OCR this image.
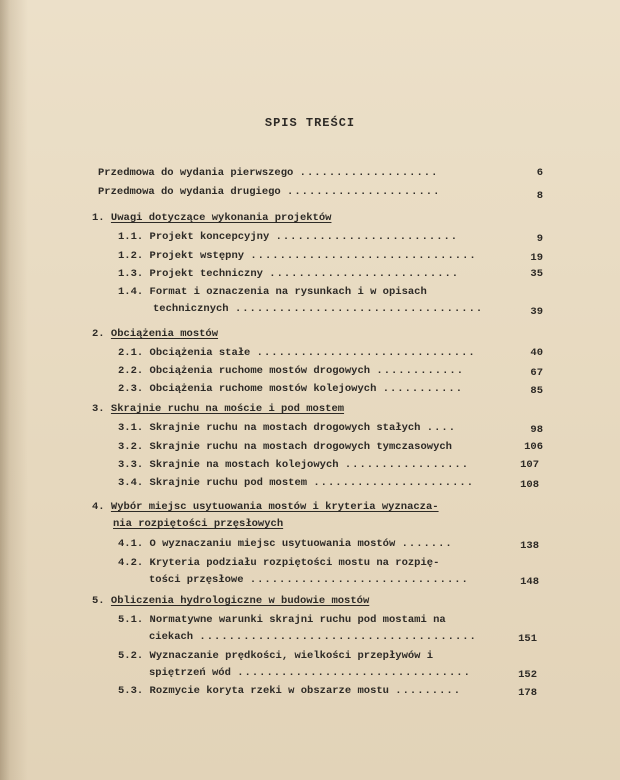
SPIS TREŚCI
Przedmowa do wydania pierwszego ...................	6
Przedmowa do wydania drugiego .....................	8
1. Uwagi dotyczące wykonania projektów
1.1. Projekt koncepcyjny .........................	9
1.2. Projekt wstępny ...............................	19
1.3. Projekt techniczny ..........................	35
1.4. Format i oznaczenia na rysunkach i w opisach
technicznych ..................................	39
2. Obciążenia mostów
2.1. Obciążenia stałe ..............................	40
2.2. Obciążenia ruchome mostów drogowych ............	67
2.3. Obciążenia ruchome mostów kolejowych ...........	85
3. Skrajnie ruchu na moście i pod mostem
3.1. Skrajnie ruchu na mostach drogowych stałych ....	98
3.2. Skrajnie ruchu na mostach drogowych tymczasowych	106
3.3. Skrajnie na mostach kolejowych .................	107
3.4. Skrajnie ruchu pod mostem ......................	108
4. Wybór miejsc usytuowania mostów i kryteria wyznacza-
nia rozpiętości przęsłowych
4.1. O wyznaczaniu miejsc usytuowania mostów .......	138
4.2. Kryteria podziału rozpiętości mostu na rozpię-
tości przęsłowe ..............................	148
5. Obliczenia hydrologiczne w budowie mostów
5.1. Normatywne warunki skrajni ruchu pod mostami na
ciekach ......................................	151
5.2. Wyznaczanie prędkości, wielkości przepływów i
spiętrzeń wód ................................	152
5.3. Rozmycie koryta rzeki w obszarze mostu .........	178
